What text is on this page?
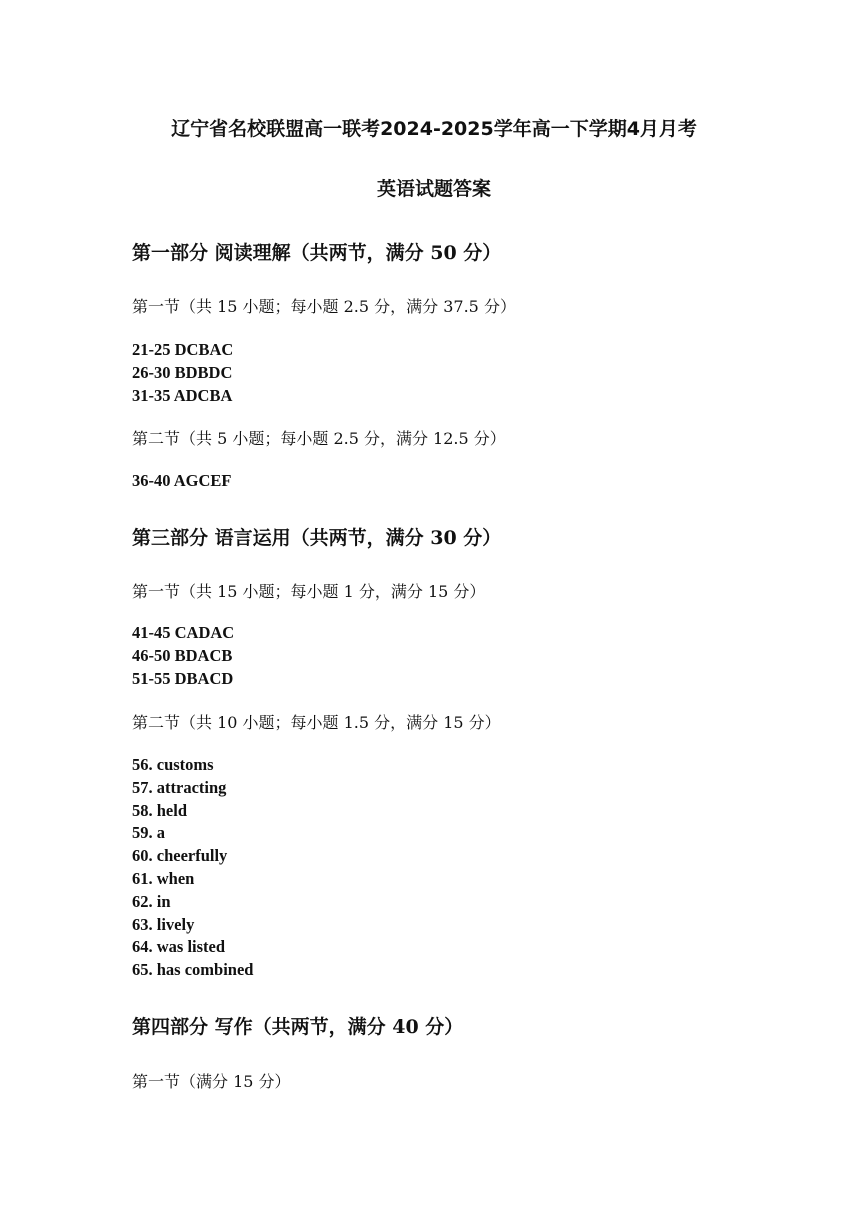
辽宁省名校联盟高一联考2024-2025学年高一下学期4月月考
英语试题答案
第一部分 阅读理解（共两节，满分 50 分）
第一节（共 15 小题；每小题 2.5 分，满分 37.5 分）
21-25 DCBAC
26-30 BDBDC
31-35 ADCBA
第二节（共 5 小题；每小题 2.5 分，满分 12.5 分）
36-40 AGCEF
第三部分 语言运用（共两节，满分 30 分）
第一节（共 15 小题；每小题 1 分，满分 15 分）
41-45 CADAC
46-50 BDACB
51-55 DBACD
第二节（共 10 小题；每小题 1.5 分，满分 15 分）
56. customs
57. attracting
58. held
59. a
60. cheerfully
61. when
62. in
63. lively
64. was listed
65. has combined
第四部分 写作（共两节，满分 40 分）
第一节（满分 15 分）
